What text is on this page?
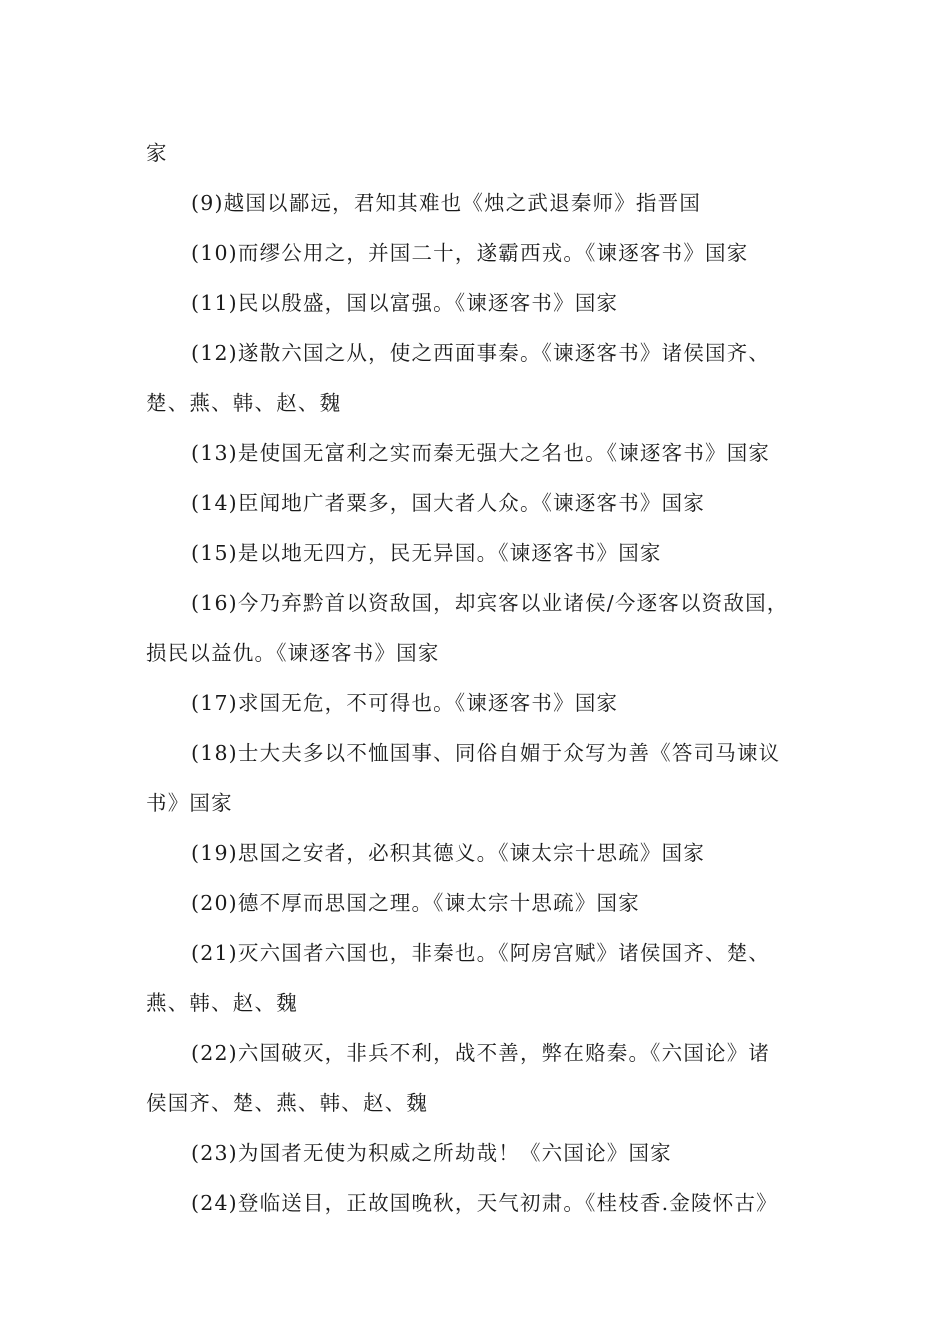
家
(9)越国以鄙远，君知其难也《烛之武退秦师》指晋国
(10)而缪公用之，并国二十，遂霸西戎。《谏逐客书》国家
(11)民以殷盛，国以富强。《谏逐客书》国家
(12)遂散六国之从，使之西面事秦。《谏逐客书》诸侯国齐、
楚、燕、韩、赵、魏
(13)是使国无富利之实而秦无强大之名也。《谏逐客书》国家
(14)臣闻地广者粟多，国大者人众。《谏逐客书》国家
(15)是以地无四方，民无异国。《谏逐客书》国家
(16)今乃弃黔首以资敌国，却宾客以业诸侯/今逐客以资敌国，
损民以益仇。《谏逐客书》国家
(17)求国无危，不可得也。《谏逐客书》国家
(18)士大夫多以不恤国事、同俗自媚于众写为善《答司马谏议
书》国家
(19)思国之安者，必积其德义。《谏太宗十思疏》国家
(20)德不厚而思国之理。《谏太宗十思疏》国家
(21)灭六国者六国也，非秦也。《阿房宫赋》诸侯国齐、楚、
燕、韩、赵、魏
(22)六国破灭，非兵不利，战不善，弊在赂秦。《六国论》诸
侯国齐、楚、燕、韩、赵、魏
(23)为国者无使为积威之所劫哉！《六国论》国家
(24)登临送目，正故国晚秋，天气初肃。《桂枝香.金陵怀古》
